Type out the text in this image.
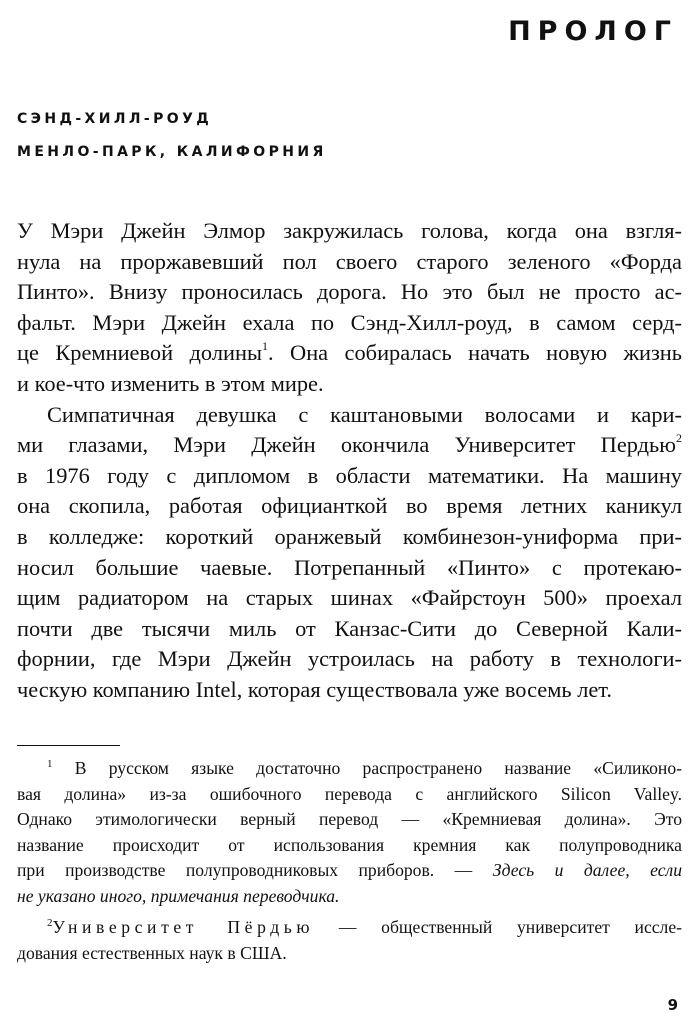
ПРОЛОГ

СЭНД-ХИЛЛ-РОУД

МЕНЛО-ПАРК, КАЛИФОРНИЯ

У Мэри Джейн Элмор закружилась голова, когда она взгля-
нула на проржавевший пол своего старого зеленого «Форда
Пинто». Внизу проносилась дорога. Но это был не просто ас-
фальт. Мэри Джейн ехала по Сэнд-Хилл-роуд, в самом серд-
це Кремниевой долины$^1$. Она собиралась начать новую жизнь
и кое-что изменить в этом мире.
Симпатичная девушка с каштановыми волосами и кари-
ми глазами, Мэри Джейн окончила Университет Пердью$^2$
в 1976 году с дипломом в области математики. На машину
она скопила, работая официанткой во время летних каникул
в колледже: короткий оранжевый комбинезон-униформа при-
носил большие чаевые. Потрепанный «Пинто» с протекаю-
щим радиатором на старых шинах «Файрстоун 500» проехал
почти две тысячи миль от Канзас-Сити до Северной Кали-
форнии, где Мэри Джейн устроилась на работу в технологи-
ческую компанию Intel, которая существовала уже восемь лет.
$^1$ В русском языке достаточно распространено название «Силиконо-
вая долина» из-за ошибочного перевода с английского Silicon Valley.
Однако этимологически верный перевод — «Кремниевая долина». Это
название происходит от использования кремния как полупроводника
при производстве полупроводниковых приборов. — Здесь и далее, если
не указано иного, примечания переводчика.
$^2$Университет Пёрдью — общественный университет иссле-
дования естественных наук в США.

9
